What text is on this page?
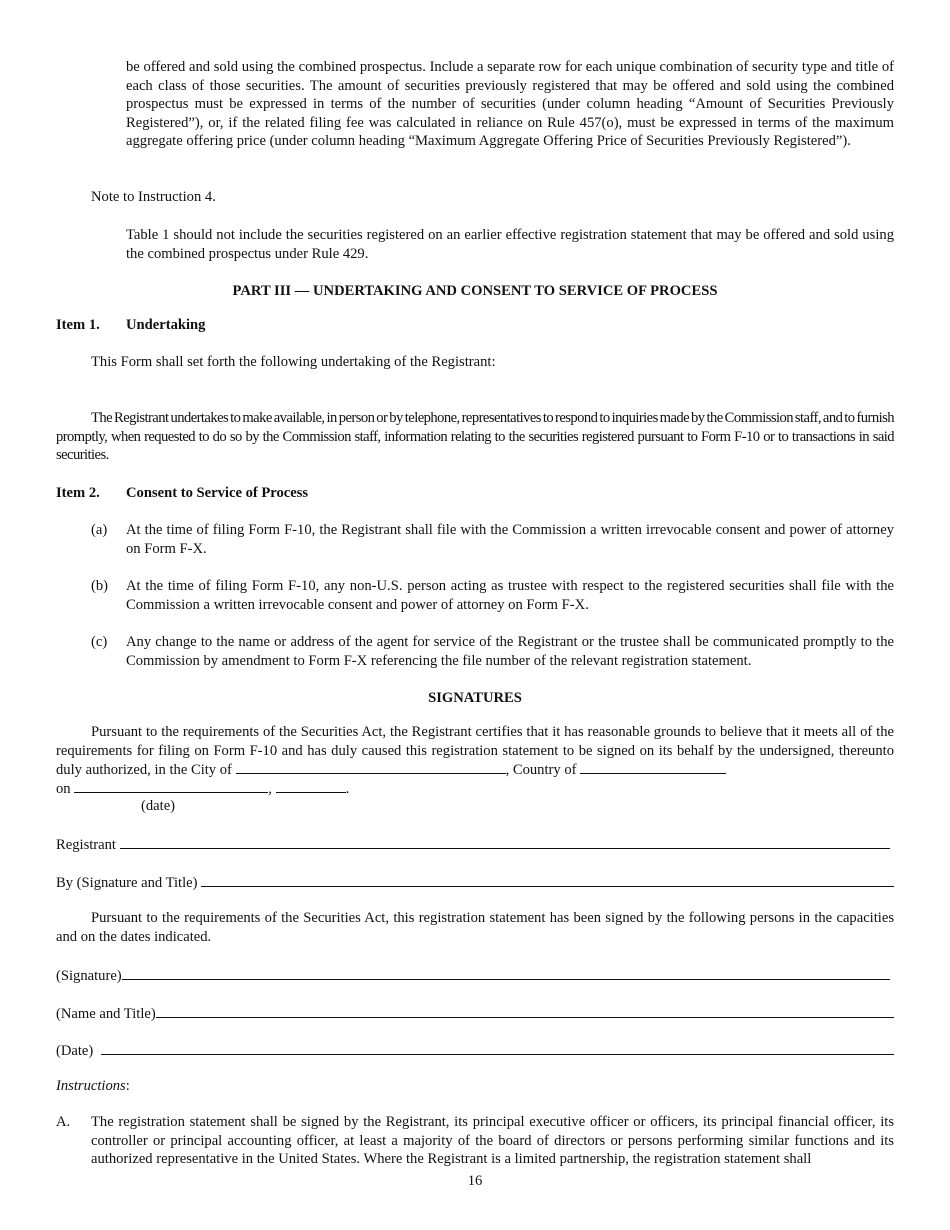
be offered and sold using the combined prospectus. Include a separate row for each unique combination of security type and title of each class of those securities. The amount of securities previously registered that may be offered and sold using the combined prospectus must be expressed in terms of the number of securities (under column heading “Amount of Securities Previously Registered”), or, if the related filing fee was calculated in reliance on Rule 457(o), must be expressed in terms of the maximum aggregate offering price (under column heading “Maximum Aggregate Offering Price of Securities Previously Registered”).
Note to Instruction 4.
Table 1 should not include the securities registered on an earlier effective registration statement that may be offered and sold using the combined prospectus under Rule 429.
PART III — UNDERTAKING AND CONSENT TO SERVICE OF PROCESS
Item 1. Undertaking
This Form shall set forth the following undertaking of the Registrant:
The Registrant undertakes to make available, in person or by telephone, representatives to respond to inquiries made by the Commission staff, and to furnish promptly, when requested to do so by the Commission staff, information relating to the securities registered pursuant to Form F-10 or to transactions in said securities.
Item 2. Consent to Service of Process
(a) At the time of filing Form F-10, the Registrant shall file with the Commission a written irrevocable consent and power of attorney on Form F-X.
(b) At the time of filing Form F-10, any non-U.S. person acting as trustee with respect to the registered securities shall file with the Commission a written irrevocable consent and power of attorney on Form F-X.
(c) Any change to the name or address of the agent for service of the Registrant or the trustee shall be communicated promptly to the Commission by amendment to Form F-X referencing the file number of the relevant registration statement.
SIGNATURES
Pursuant to the requirements of the Securities Act, the Registrant certifies that it has reasonable grounds to believe that it meets all of the requirements for filing on Form F-10 and has duly caused this registration statement to be signed on its behalf by the undersigned, thereunto duly authorized, in the City of	, Country of
on	,	.
(date)
Registrant
By (Signature and Title)
Pursuant to the requirements of the Securities Act, this registration statement has been signed by the following persons in the capacities and on the dates indicated.
(Signature)
(Name and Title)
(Date)
Instructions:
A. The registration statement shall be signed by the Registrant, its principal executive officer or officers, its principal financial officer, its controller or principal accounting officer, at least a majority of the board of directors or persons performing similar functions and its authorized representative in the United States. Where the Registrant is a limited partnership, the registration statement shall
16
